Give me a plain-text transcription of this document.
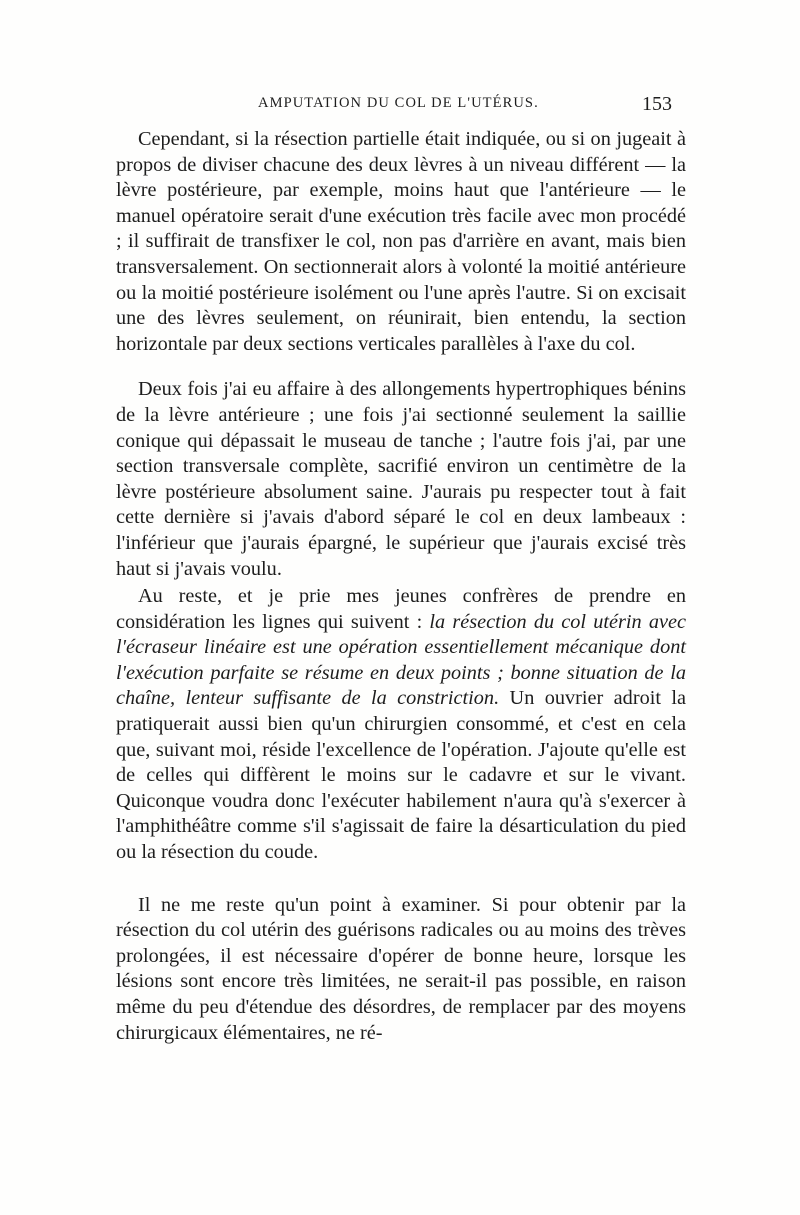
AMPUTATION DU COL DE L'UTÉRUS.	153

Cependant, si la résection partielle était indiquée, ou si on jugeait à propos de diviser chacune des deux lèvres à un niveau différent — la lèvre postérieure, par exemple, moins haut que l'antérieure — le manuel opératoire serait d'une exécution très facile avec mon procédé ; il suffirait de transfixer le col, non pas d'arrière en avant, mais bien transversalement. On sectionnerait alors à volonté la moitié antérieure ou la moitié postérieure isolément ou l'une après l'autre. Si on excisait une des lèvres seulement, on réunirait, bien entendu, la section horizontale par deux sections verticales parallèles à l'axe du col.

Deux fois j'ai eu affaire à des allongements hypertrophiques bénins de la lèvre antérieure ; une fois j'ai sectionné seulement la saillie conique qui dépassait le museau de tanche ; l'autre fois j'ai, par une section transversale complète, sacrifié environ un centimètre de la lèvre postérieure absolument saine. J'aurais pu respecter tout à fait cette dernière si j'avais d'abord séparé le col en deux lambeaux : l'inférieur que j'aurais épargné, le supérieur que j'aurais excisé très haut si j'avais voulu.

Au reste, et je prie mes jeunes confrères de prendre en considération les lignes qui suivent : la résection du col utérin avec l'écraseur linéaire est une opération essentiellement mécanique dont l'exécution parfaite se résume en deux points ; bonne situation de la chaîne, lenteur suffisante de la constriction. Un ouvrier adroit la pratiquerait aussi bien qu'un chirurgien consommé, et c'est en cela que, suivant moi, réside l'excellence de l'opération. J'ajoute qu'elle est de celles qui diffèrent le moins sur le cadavre et sur le vivant. Quiconque voudra donc l'exécuter habilement n'aura qu'à s'exercer à l'amphithéâtre comme s'il s'agissait de faire la désarticulation du pied ou la résection du coude.

Il ne me reste qu'un point à examiner. Si pour obtenir par la résection du col utérin des guérisons radicales ou au moins des trèves prolongées, il est nécessaire d'opérer de bonne heure, lorsque les lésions sont encore très limitées, ne serait-il pas possible, en raison même du peu d'étendue des désordres, de remplacer par des moyens chirurgicaux élémentaires, ne ré-
